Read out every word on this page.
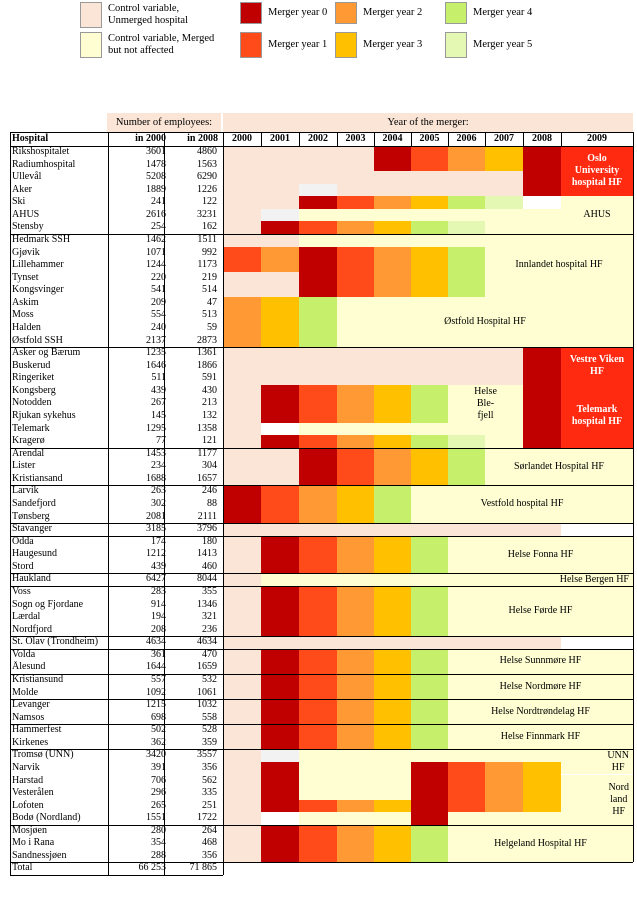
Control variable,
Unmerged hospital
Control variable, Merged
but not affected
Merger year 0
Merger year 1
Merger year 2
Merger year 3
Merger year 4
Merger year 5
Number of employees:	Year of the merger:
Hospital	in 2000	in 2008	2000	2001	2002	2003	2004	2005	2006	2007	2008	2009
Rikshospitalet	3601	4860
Radiumhospital	1478	1563
Ullevål	5208	6290
Aker	1889	1226
Ski	241	122
AHUS	2616	3231
Stensby	254	162
Hedmark SSH	1462	1511
Gjøvik	1071	992
Lillehammer	1244	1173
Tynset	220	219
Kongsvinger	541	514
Askim	209	47
Moss	554	513
Halden	240	59
Østfold SSH	2137	2873
Asker og Bærum	1235	1361
Buskerud	1646	1866
Ringeriket	511	591
Kongsberg	439	430
Notodden	267	213
Rjukan sykehus	145	132
Telemark	1295	1358
Kragerø	77	121
Arendal	1453	1177
Lister	234	304
Kristiansand	1688	1657
Larvik	263	246
Sandefjord	302	88
Tønsberg	2081	2111
Stavanger	3185	3796
Odda	174	180
Haugesund	1212	1413
Stord	439	460
Haukland	6427	8044
Voss	283	355
Sogn og Fjordane	914	1346
Lærdal	194	321
Nordfjord	208	236
St. Olav (Trondheim)	4634	4634
Volda	361	470
Ålesund	1644	1659
Kristiansund	557	532
Molde	1092	1061
Levanger	1215	1032
Namsos	698	558
Hammerfest	502	528
Kirkenes	362	359
Tromsø (UNN)	3420	3557
Narvik	391	356
Harstad	706	562
Vesterålen	296	335
Lofoten	265	251
Bodø (Nordland)	1551	1722
Mosjøen	280	264
Mo i Rana	354	468
Sandnessjøen	288	356
Total	66 253	71 865
Oslo
University
hospital HF
AHUS
Innlandet hospital HF
Østfold Hospital HF
Vestre Viken
HF
Helse
Ble-
fjell	Telemark
hospital HF
Sørlandet Hospital HF
Vestfold hospital HF
Helse Fonna HF
Helse Bergen HF
Helse Førde HF
Helse Sunnmøre HF
Helse Nordmøre HF
Helse Nordtrøndelag HF
Helse Finnmark HF
UNN
HF
Nord
land
HF
Helgeland Hospital HF
